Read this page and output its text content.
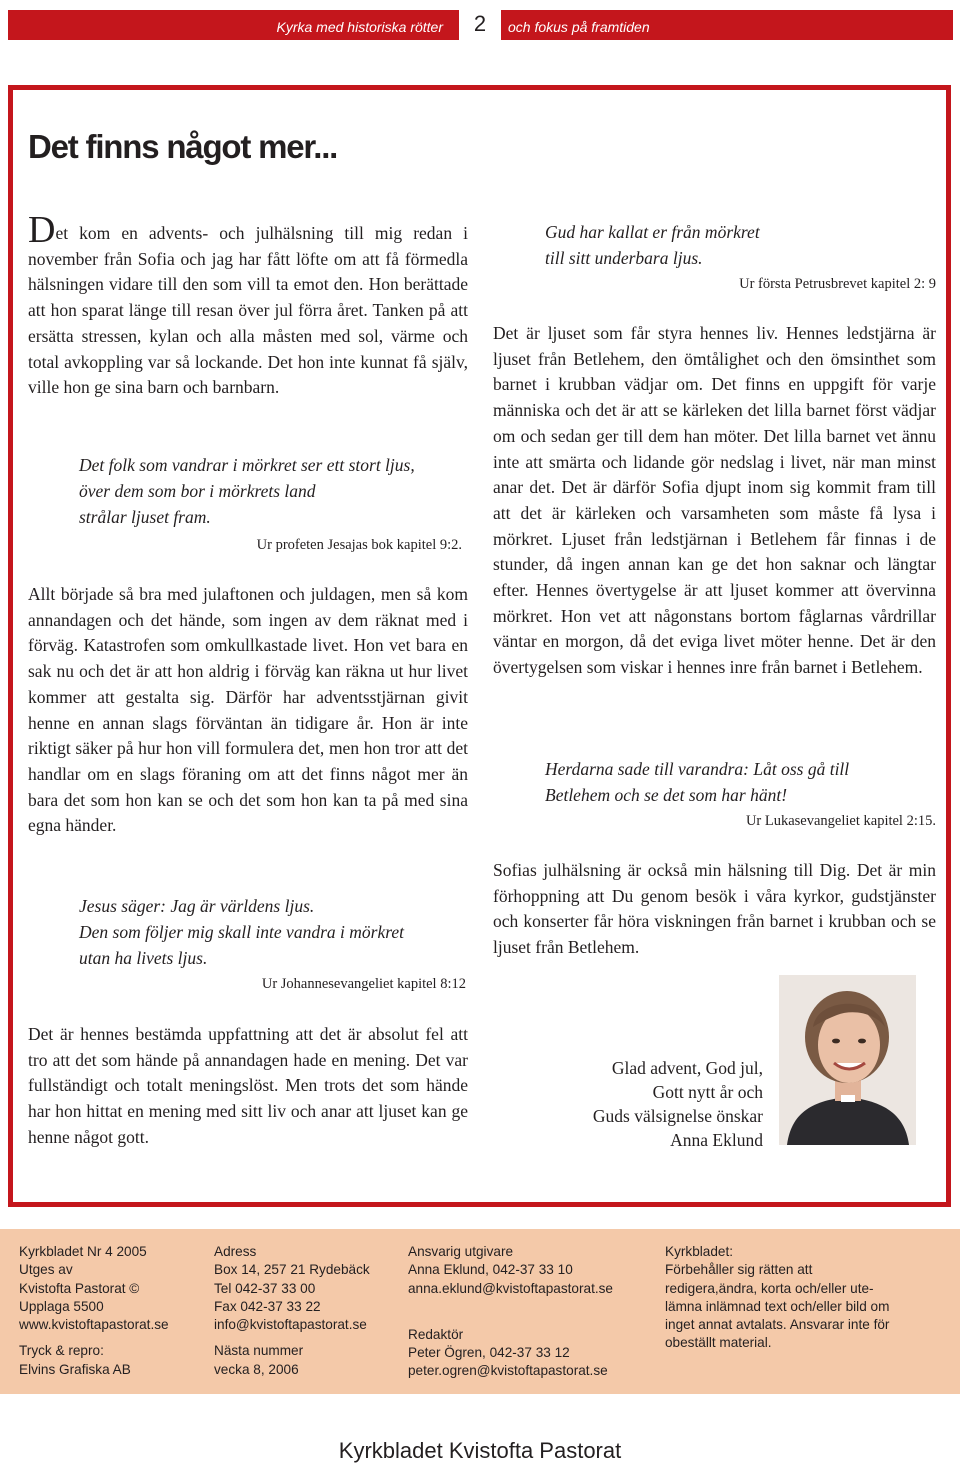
Kyrka med historiska rötter	2	och fokus på framtiden
Det finns något mer...

Det kom en advents- och julhälsning till mig redan i november från Sofia och jag har fått löfte om att få förmedla hälsningen vidare till den som vill ta emot den. Hon berättade att hon sparat länge till resan över jul förra året. Tanken på att ersätta stressen, kylan och alla måsten med sol, värme och total avkoppling var så lockande. Det hon inte kunnat få själv, ville hon ge sina barn och barnbarn.

Det folk som vandrar i mörkret ser ett stort ljus,
över dem som bor i mörkrets land
strålar ljuset fram.
Ur profeten Jesajas bok kapitel 9:2.

Allt började så bra med julaftonen och juldagen, men så kom annandagen och det hände, som ingen av dem räknat med i förväg. Katastrofen som omkullkastade livet. Hon vet bara en sak nu och det är att hon aldrig i förväg kan räkna ut hur livet kommer att gestalta sig. Därför har adventsstjärnan givit henne en annan slags förväntan än tidigare år. Hon är inte riktigt säker på hur hon vill formulera det, men hon tror att det handlar om en slags föraning om att det finns något mer än bara det som hon kan se och det som hon kan ta på med sina egna händer.

Jesus säger: Jag är världens ljus.
Den som följer mig skall inte vandra i mörkret
utan ha livets ljus.
Ur Johannesevangeliet kapitel 8:12

Det är hennes bestämda uppfattning att det är absolut fel att tro att det som hände på annandagen hade en mening. Det var fullständigt och totalt meningslöst. Men trots det som hände har hon hittat en mening med sitt liv och anar att ljuset kan ge henne något gott.

Gud har kallat er från mörkret
till sitt underbara ljus.
Ur första Petrusbrevet kapitel 2: 9

Det är ljuset som får styra hennes liv. Hennes ledstjärna är ljuset från Betlehem, den ömtålighet och den ömsinthet som barnet i krubban vädjar om. Det finns en uppgift för varje människa och det är att se kärleken det lilla barnet först vädjar om och sedan ger till dem han möter. Det lilla barnet vet ännu inte att smärta och lidande gör nedslag i livet, när man minst anar det. Det är därför Sofia djupt inom sig kommit fram till att det är kärleken och varsamheten som måste få lysa i mörkret. Ljuset från ledstjärnan i Betlehem får finnas i de stunder, då ingen annan kan ge det hon saknar och längtar efter. Hennes övertygelse är att ljuset kommer att övervinna mörkret. Hon vet att någonstans bortom fåglarnas vårdrillar väntar en morgon, då det eviga livet möter henne. Det är den övertygelsen som viskar i hennes inre från barnet i Betlehem.

Herdarna sade till varandra: Låt oss gå till
Betlehem och se det som har hänt!
Ur Lukasevangeliet kapitel 2:15.

Sofias julhälsning är också min hälsning till Dig. Det är min förhoppning att Du genom besök i våra kyrkor, gudstjänster och konserter får höra viskningen från barnet i krubban och se ljuset från Betlehem.

Glad advent, God jul,
Gott nytt år och
Guds välsignelse önskar
Anna Eklund
Kyrkbladet Nr 4 2005
Utges av
Kvistofta Pastorat ©
Upplaga 5500
www.kvistoftapastorat.se
Tryck & repro:
Elvins Grafiska AB
Adress
Box 14, 257 21 Rydebäck
Tel 042-37 33 00
Fax 042-37 33 22
info@kvistoftapastorat.se
Nästa nummer
vecka 8, 2006
Ansvarig utgivare
Anna Eklund, 042-37 33 10
anna.eklund@kvistoftapastorat.se
Redaktör
Peter Ögren, 042-37 33 12
peter.ogren@kvistoftapastorat.se
Kyrkbladet:
Förbehåller sig rätten att
redigera,ändra, korta och/eller ute-
lämna inlämnad text och/eller bild om
inget annat avtalats. Ansvarar inte för
obeställt material.
Kyrkbladet Kvistofta Pastorat
